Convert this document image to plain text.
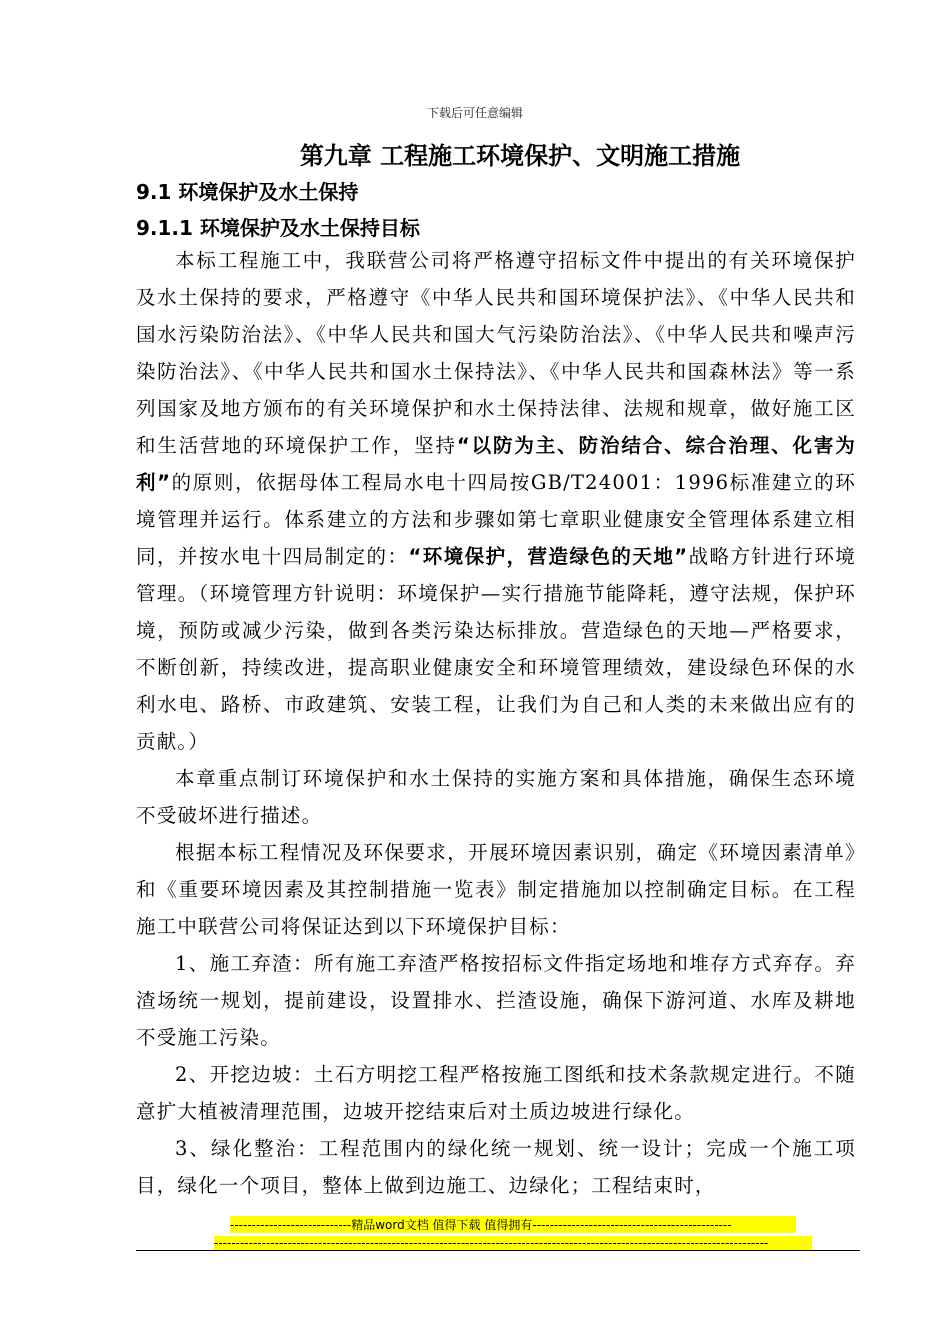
下载后可任意编辑
第九章 工程施工环境保护、文明施工措施
9.1 环境保护及水土保持
9.1.1 环境保护及水土保持目标

本标工程施工中，我联营公司将严格遵守招标文件中提出的有关环境保护及水土保持的要求，严格遵守《中华人民共和国环境保护法》、《中华人民共和国水污染防治法》、《中华人民共和国大气污染防治法》、《中华人民共和噪声污染防治法》、《中华人民共和国水土保持法》、《中华人民共和国森林法》等一系列国家及地方颁布的有关环境保护和水土保持法律、法规和规章，做好施工区和生活营地的环境保护工作，坚持“以防为主、防治结合、综合治理、化害为利”的原则，依据母体工程局水电十四局按GB/T24001：1996标准建立的环境管理并运行。体系建立的方法和步骤如第七章职业健康安全管理体系建立相同，并按水电十四局制定的：“环境保护，营造绿色的天地”战略方针进行环境管理。（环境管理方针说明：环境保护—实行措施节能降耗，遵守法规，保护环境，预防或减少污染，做到各类污染达标排放。营造绿色的天地—严格要求，不断创新，持续改进，提高职业健康安全和环境管理绩效，建设绿色环保的水利水电、路桥、市政建筑、安装工程，让我们为自己和人类的未来做出应有的贡献。）

本章重点制订环境保护和水土保持的实施方案和具体措施，确保生态环境不受破坏进行描述。

根据本标工程情况及环保要求，开展环境因素识别，确定《环境因素清单》和《重要环境因素及其控制措施一览表》制定措施加以控制确定目标。在工程施工中联营公司将保证达到以下环境保护目标：

1、施工弃渣：所有施工弃渣严格按招标文件指定场地和堆存方式弃存。弃渣场统一规划，提前建设，设置排水、拦渣设施，确保下游河道、水库及耕地不受施工污染。

2、开挖边坡：土石方明挖工程严格按施工图纸和技术条款规定进行。不随意扩大植被清理范围，边坡开挖结束后对土质边坡进行绿化。

3、绿化整治：工程范围内的绿化统一规划、统一设计；完成一个施工项目，绿化一个项目，整体上做到边施工、边绿化；工程结束时，

----------------------------精品word文档 值得下载 值得拥有----------------------------------------------
--------------------------------------------------------------------------------------------------------------------------------
